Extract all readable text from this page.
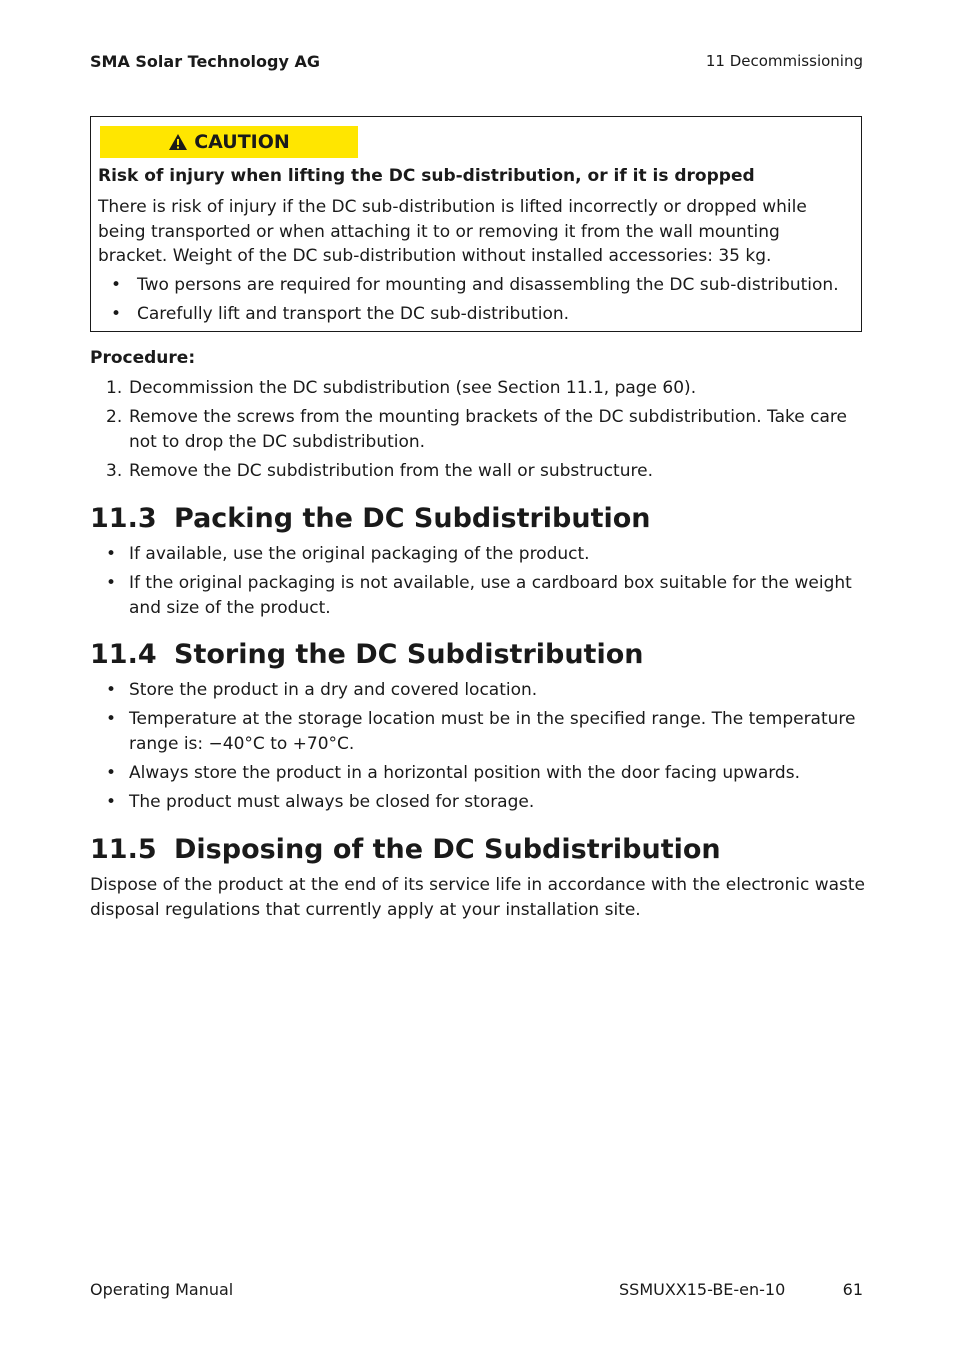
SMA Solar Technology AG	11 Decommissioning
CAUTION
Risk of injury when lifting the DC sub-distribution, or if it is dropped

There is risk of injury if the DC sub-distribution is lifted incorrectly or dropped while being transported or when attaching it to or removing it from the wall mounting bracket. Weight of the DC sub-distribution without installed accessories: 35 kg.

• Two persons are required for mounting and disassembling the DC sub-distribution.
• Carefully lift and transport the DC sub-distribution.
Procedure:
1. Decommission the DC subdistribution (see Section 11.1, page 60).
2. Remove the screws from the mounting brackets of the DC subdistribution. Take care not to drop the DC subdistribution.
3. Remove the DC subdistribution from the wall or substructure.
11.3 Packing the DC Subdistribution
• If available, use the original packaging of the product.
• If the original packaging is not available, use a cardboard box suitable for the weight and size of the product.
11.4 Storing the DC Subdistribution
• Store the product in a dry and covered location.
• Temperature at the storage location must be in the specified range. The temperature range is: −40°C to +70°C.
• Always store the product in a horizontal position with the door facing upwards.
• The product must always be closed for storage.
11.5 Disposing of the DC Subdistribution

Dispose of the product at the end of its service life in accordance with the electronic waste disposal regulations that currently apply at your installation site.

Operating Manual	SSMUXX15-BE-en-10	61
